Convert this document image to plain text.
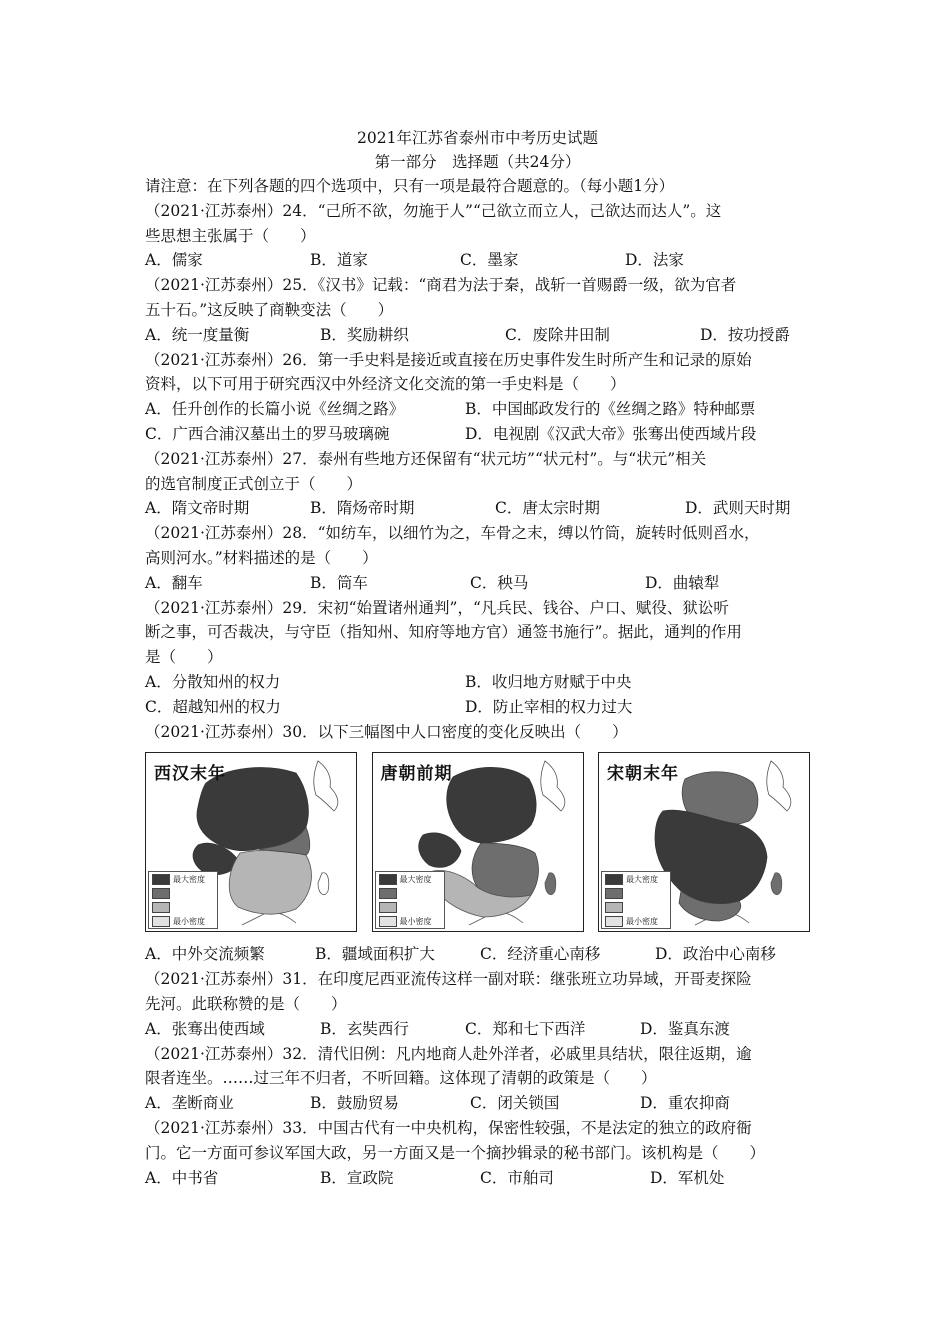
2021年江苏省泰州市中考历史试题
第一部分　选择题（共24分）
请注意：在下列各题的四个选项中，只有一项是最符合题意的。（每小题1分）
（2021·江苏泰州）24．“己所不欲，勿施于人”“己欲立而立人，己欲达而达人”。这
些思想主张属于（　　）
A．儒家	B．道家	C．墨家	D．法家
（2021·江苏泰州）25．《汉书》记载：“商君为法于秦，战斩一首赐爵一级，欲为官者
五十石。”这反映了商鞅变法（　　）
A．统一度量衡	B．奖励耕织	C．废除井田制	D．按功授爵
（2021·江苏泰州）26．第一手史料是接近或直接在历史事件发生时所产生和记录的原始
资料，以下可用于研究西汉中外经济文化交流的第一手史料是（　　）
A．任升创作的长篇小说《丝绸之路》	B．中国邮政发行的《丝绸之路》特种邮票
C．广西合浦汉墓出土的罗马玻璃碗	D．电视剧《汉武大帝》张骞出使西域片段
（2021·江苏泰州）27．泰州有些地方还保留有“状元坊”“状元村”。与“状元”相关
的选官制度正式创立于（　　）
A．隋文帝时期	B．隋炀帝时期	C．唐太宗时期	D．武则天时期
（2021·江苏泰州）28．“如纺车，以细竹为之，车骨之末，缚以竹筒，旋转时低则舀水，
高则河水。”材料描述的是（　　）
A．翻车	B．筒车	C．秧马	D．曲辕犁
（2021·江苏泰州）29．宋初“始置诸州通判”，“凡兵民、钱谷、户口、赋役、狱讼听
断之事，可否裁决，与守臣（指知州、知府等地方官）通签书施行”。据此，通判的作用
是（　　）
A．分散知州的权力	B．收归地方财赋于中央
C．超越知州的权力	D．防止宰相的权力过大
（2021·江苏泰州）30．以下三幅图中人口密度的变化反映出（　　）
西汉末年
最大密度
最小密度
唐朝前期
最大密度
最小密度
宋朝末年
最大密度
最小密度
A．中外交流频繁	B．疆域面积扩大	C．经济重心南移	D．政治中心南移
（2021·江苏泰州）31．在印度尼西亚流传这样一副对联：继张班立功异域，开哥麦探险
先河。此联称赞的是（　　）
A．张骞出使西域	B．玄奘西行	C．郑和七下西洋	D．鉴真东渡
（2021·江苏泰州）32．清代旧例：凡内地商人赴外洋者，必戚里具结状，限往返期，逾
限者连坐。……过三年不归者，不听回籍。这体现了清朝的政策是（　　）
A．垄断商业	B．鼓励贸易	C．闭关锁国	D．重农抑商
（2021·江苏泰州）33．中国古代有一中央机构，保密性较强，不是法定的独立的政府衙
门。它一方面可参议军国大政，另一方面又是一个摘抄辑录的秘书部门。该机构是（　　）
A．中书省	B．宣政院	C．市舶司	D．军机处
